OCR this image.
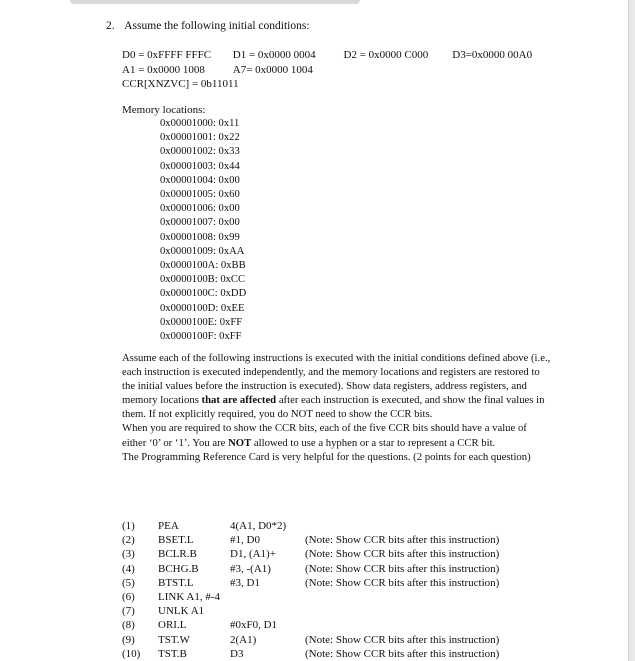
2. Assume the following initial conditions:
D0 = 0xFFFF FFFC D1 = 0x0000 0004	D2 = 0x0000 C000 D3=0x0000 00A0
A1 = 0x0000 1008	A7= 0x0000 1004
CCR[XNZVC] = 0b11011
Memory locations:
0x00001000: 0x11
0x00001001: 0x22
0x00001002: 0x33
0x00001003: 0x44
0x00001004: 0x00
0x00001005: 0x60
0x00001006: 0x00
0x00001007: 0x00
0x00001008: 0x99
0x00001009: 0xAA
0x0000100A: 0xBB
0x0000100B: 0xCC
0x0000100C: 0xDD
0x0000100D: 0xEE
0x0000100E: 0xFF
0x0000100F: 0xFF

Assume each of the following instructions is executed with the initial conditions defined above (i.e., each instruction is executed independently, and the memory locations and registers are restored to the initial values before the instruction is executed). Show data registers, address registers, and memory locations that are affected after each instruction is executed, and show the final values in them. If not explicitly required, you do NOT need to show the CCR bits.

When you are required to show the CCR bits, each of the five CCR bits should have a value of either ‘0’ or ‘1’. You are NOT allowed to use a hyphen or a star to represent a CCR bit.

The Programming Reference Card is very helpful for the questions. (2 points for each question)

(1) PEA	4(A1, D0*2)
(2) BSET.L	#1, D0	(Note: Show CCR bits after this instruction)
(3) BCLR.B	D1, (A1)+	(Note: Show CCR bits after this instruction)
(4) BCHG.B	#3, -(A1)	(Note: Show CCR bits after this instruction)
(5) BTST.L	#3, D1	(Note: Show CCR bits after this instruction)
(6) LINK A1, #-4
(7) UNLK A1
(8) ORI.L	#0xF0, D1
(9) TST.W	2(A1)	(Note: Show CCR bits after this instruction)
(10) TST.B	D3	(Note: Show CCR bits after this instruction)
